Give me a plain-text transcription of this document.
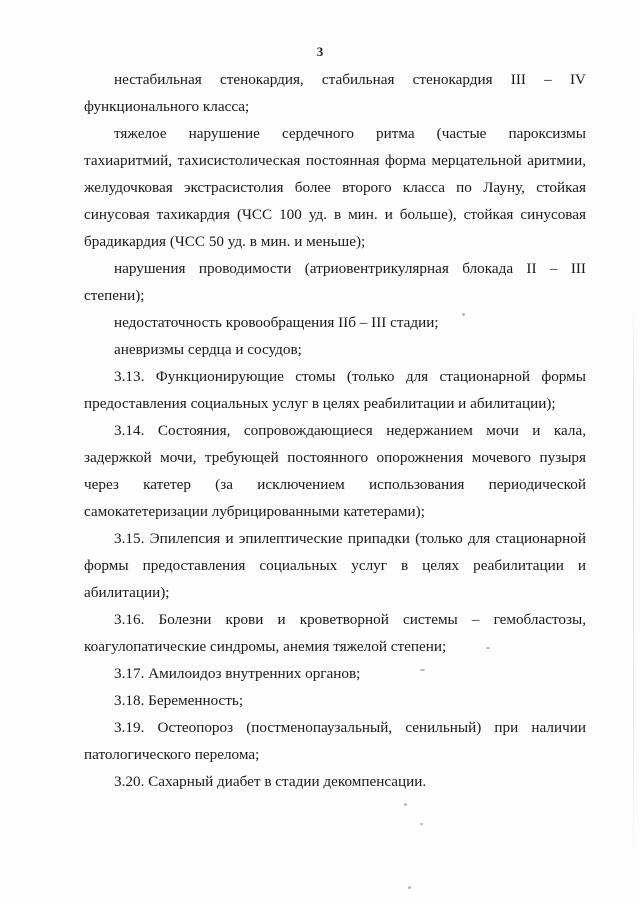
3

нестабильная стенокардия, стабильная стенокардия III – IV функционального класса;

тяжелое нарушение сердечного ритма (частые пароксизмы тахиаритмий, тахисистолическая постоянная форма мерцательной аритмии, желудочковая экстрасистолия более второго класса по Лауну, стойкая синусовая тахикардия (ЧСС 100 уд. в мин. и больше), стойкая синусовая брадикардия (ЧСС 50 уд. в мин. и меньше);

нарушения проводимости (атриовентрикулярная блокада II – III степени);

недостаточность кровообращения IIб – III стадии;

аневризмы сердца и сосудов;

3.13. Функционирующие стомы (только для стационарной формы предоставления социальных услуг в целях реабилитации и абилитации);

3.14. Состояния, сопровождающиеся недержанием мочи и кала, задержкой мочи, требующей постоянного опорожнения мочевого пузыря через катетер (за исключением использования периодической самокатетеризации лубрицированными катетерами);

3.15. Эпилепсия и эпилептические припадки (только для стационарной формы предоставления социальных услуг в целях реабилитации и абилитации);

3.16. Болезни крови и кроветворной системы – гемобластозы, коагулопатические синдромы, анемия тяжелой степени;

3.17. Амилоидоз внутренних органов;

3.18. Беременность;

3.19. Остеопороз (постменопаузальный, сенильный) при наличии патологического перелома;

3.20. Сахарный диабет в стадии декомпенсации.
